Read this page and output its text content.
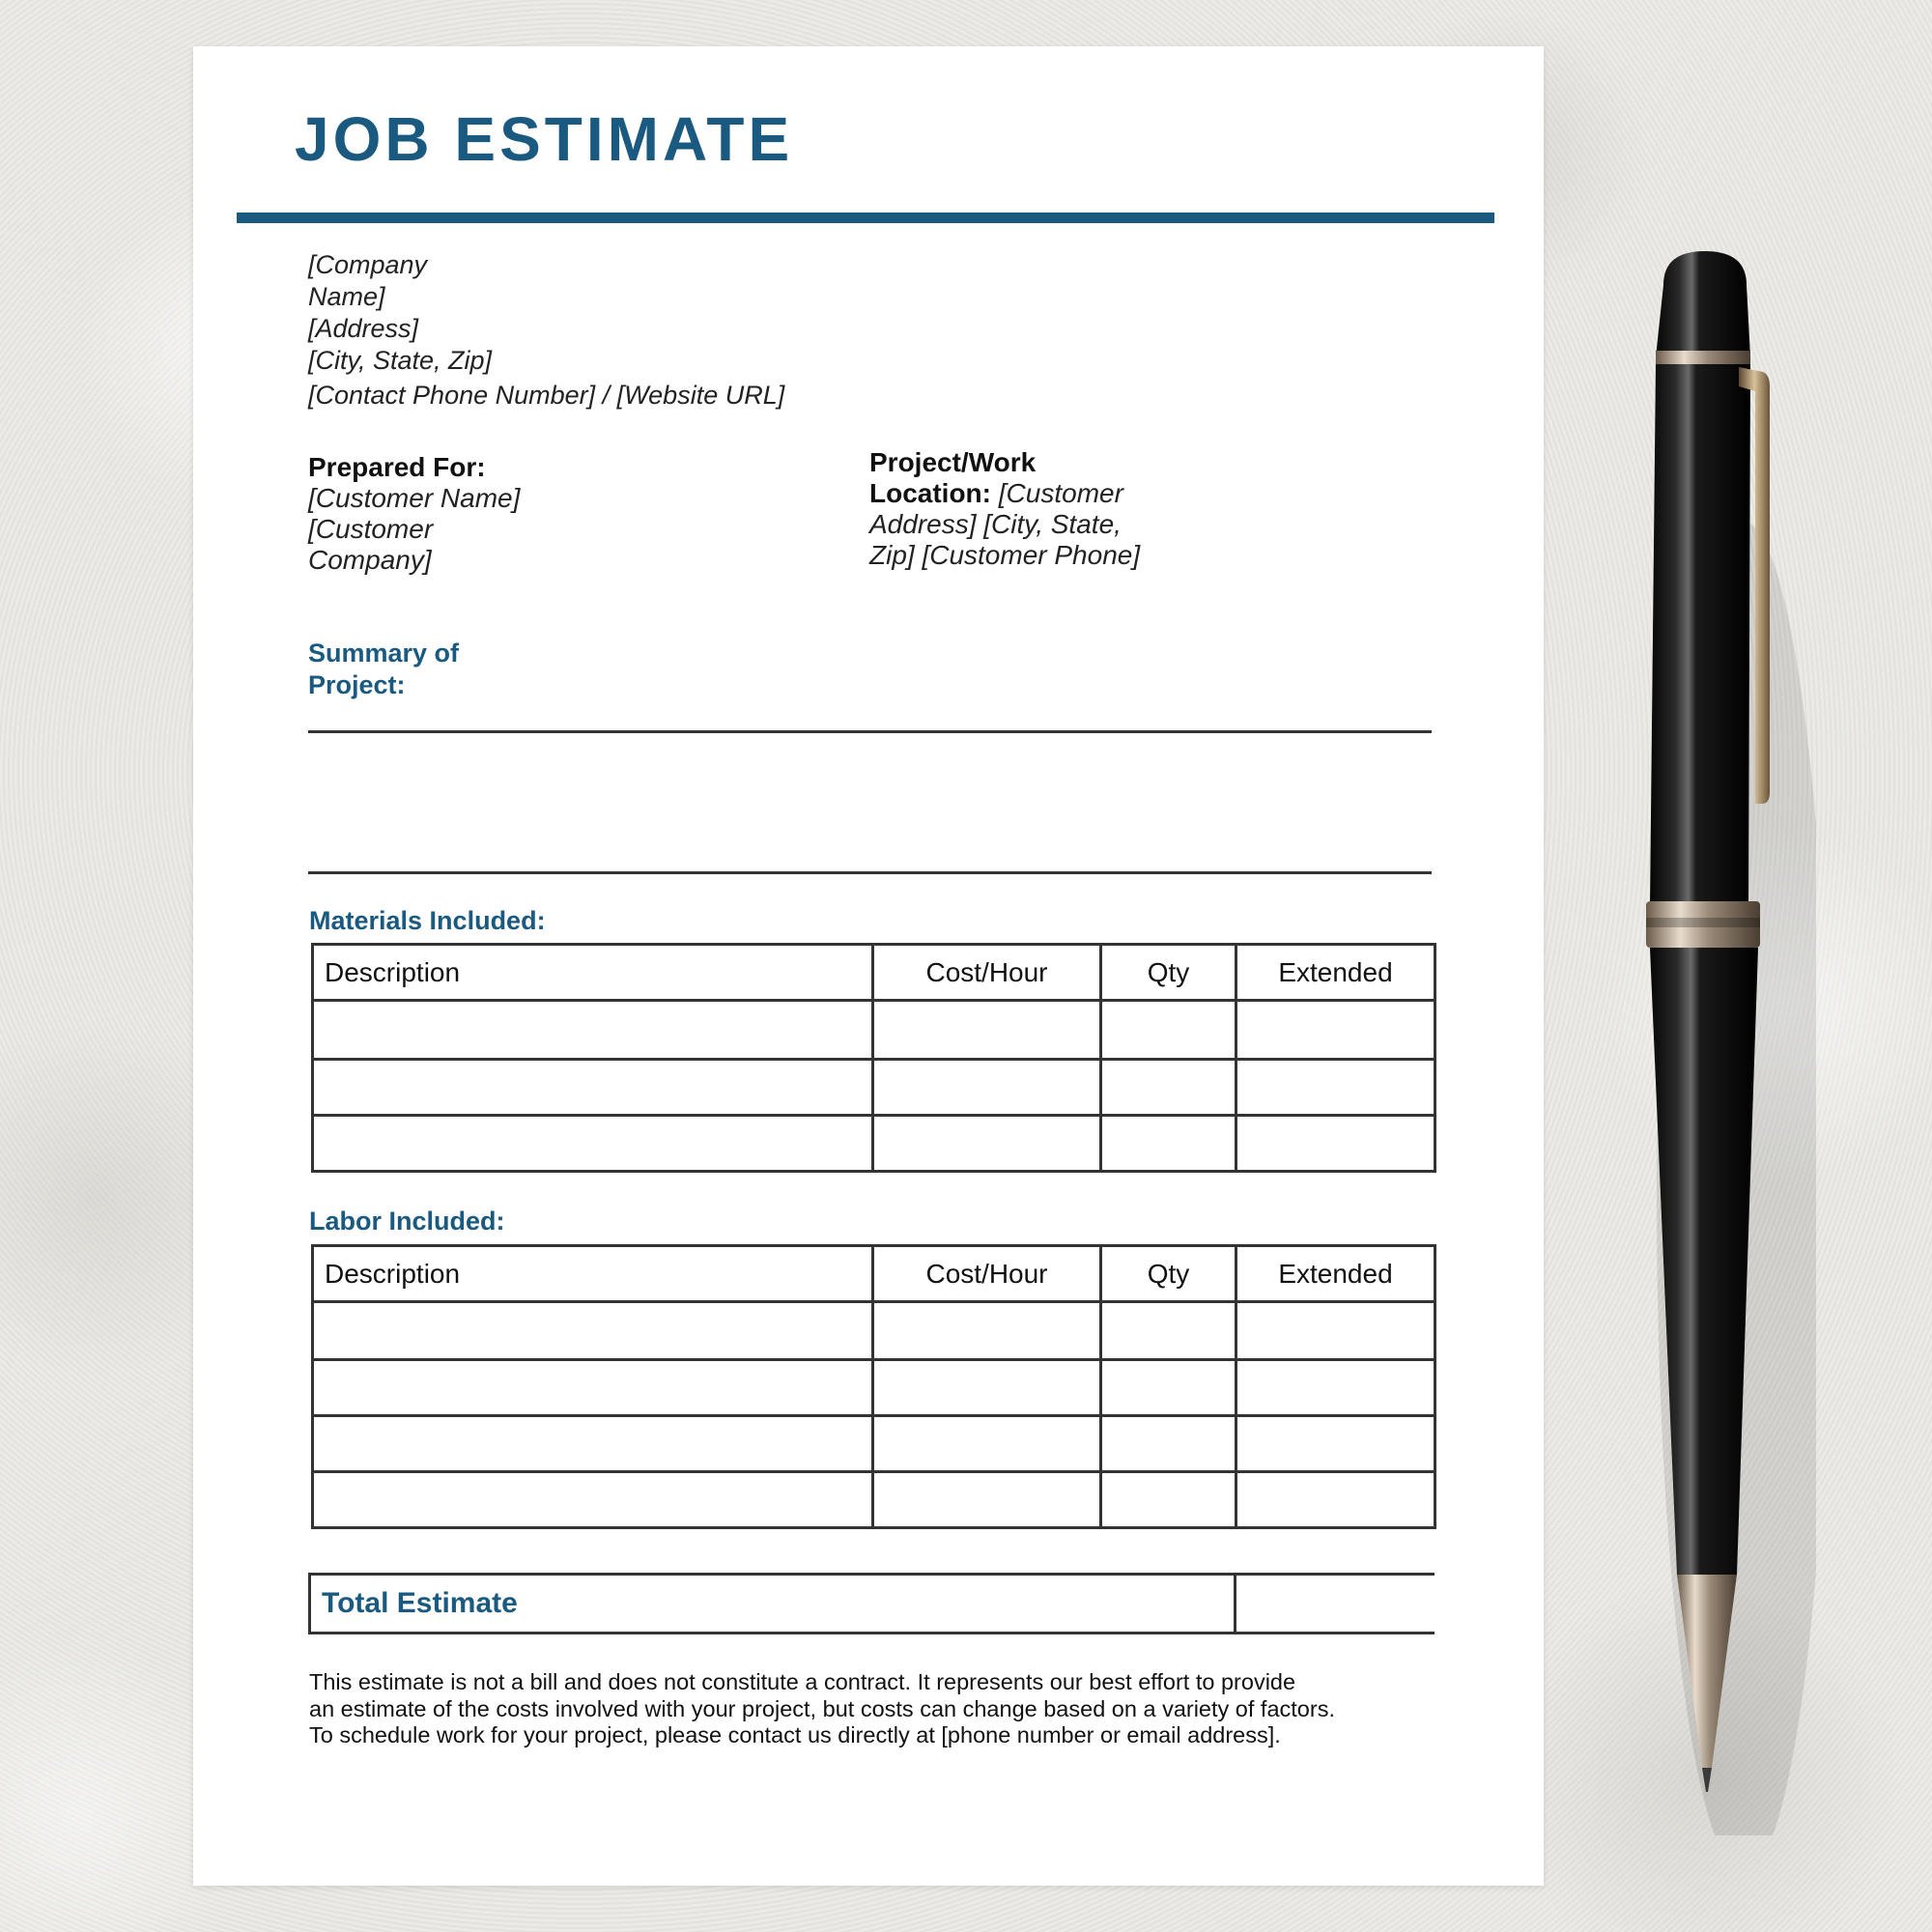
JOB ESTIMATE
[Company Name]
[Address]
[City, State, Zip]
[Contact Phone Number] / [Website URL]
Prepared For:
[Customer Name]
[Customer Company]
Project/Work Location: [Customer Address] [City, State, Zip] [Customer Phone]
Summary of Project:
Materials Included:
Description	Cost/Hour	Qty	Extended

Labor Included:
Description	Cost/Hour	Qty	Extended

Total Estimate
This estimate is not a bill and does not constitute a contract. It represents our best effort to provide
an estimate of the costs involved with your project, but costs can change based on a variety of factors.
To schedule work for your project, please contact us directly at [phone number or email address].
